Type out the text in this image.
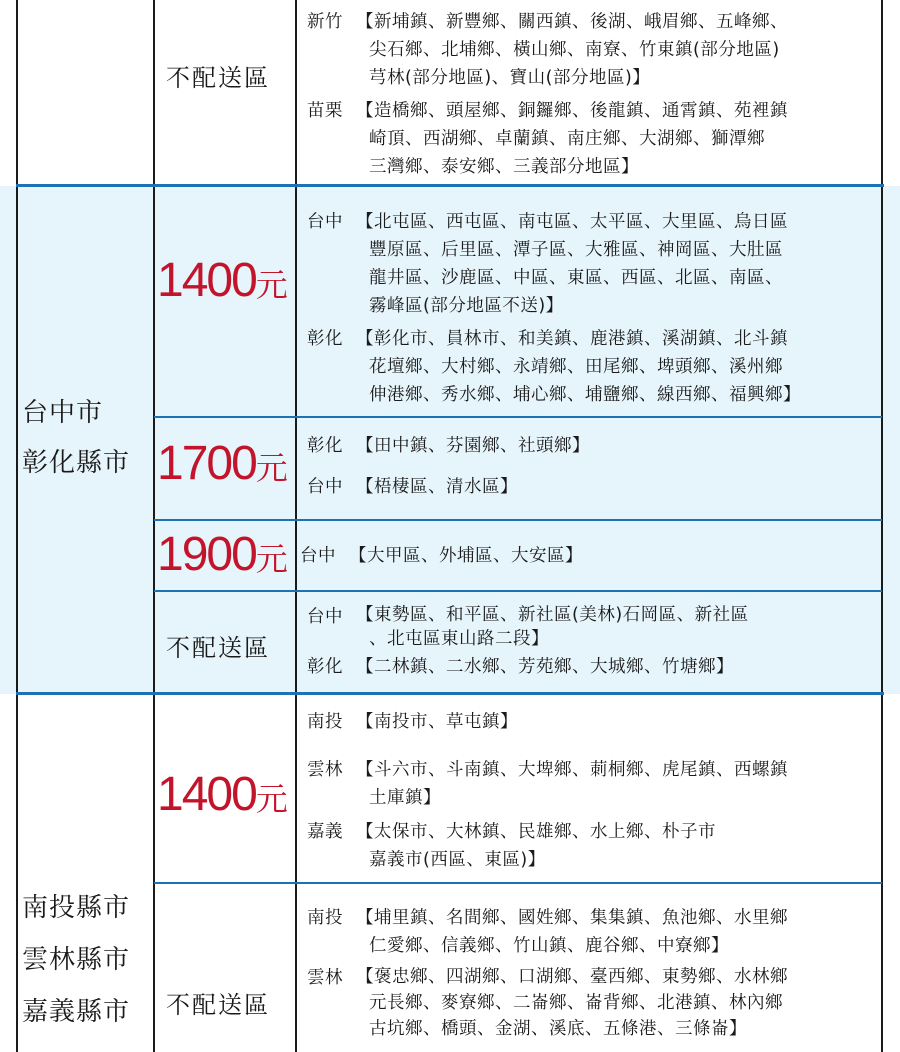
不配送區
新竹 【新埔鎮、新豐鄉、關西鎮、後湖、峨眉鄉、五峰鄉、
尖石鄉、北埔鄉、橫山鄉、南寮、竹東鎮(部分地區)
芎林(部分地區)、寶山(部分地區)】
苗栗 【造橋鄉、頭屋鄉、銅鑼鄉、後龍鎮、通霄鎮、苑裡鎮
崎頂、西湖鄉、卓蘭鎮、南庄鄉、大湖鄉、獅潭鄉
三灣鄉、泰安鄉、三義部分地區】
台中市
彰化縣市
1400元
台中 【北屯區、西屯區、南屯區、太平區、大里區、烏日區
豐原區、后里區、潭子區、大雅區、神岡區、大肚區
龍井區、沙鹿區、中區、東區、西區、北區、南區、
霧峰區(部分地區不送)】
彰化 【彰化市、員林市、和美鎮、鹿港鎮、溪湖鎮、北斗鎮
花壇鄉、大村鄉、永靖鄉、田尾鄉、埤頭鄉、溪州鄉
伸港鄉、秀水鄉、埔心鄉、埔鹽鄉、線西鄉、福興鄉】
1700元
彰化 【田中鎮、芬園鄉、社頭鄉】
台中 【梧棲區、清水區】
1900元 台中 【大甲區、外埔區、大安區】
不配送區
台中 【東勢區、和平區、新社區(美林)石岡區、新社區
、北屯區東山路二段】
彰化 【二林鎮、二水鄉、芳苑鄉、大城鄉、竹塘鄉】
南投縣市
雲林縣市
嘉義縣市
1400元
南投 【南投市、草屯鎮】
雲林 【斗六市、斗南鎮、大埤鄉、莿桐鄉、虎尾鎮、西螺鎮
土庫鎮】
嘉義 【太保市、大林鎮、民雄鄉、水上鄉、朴子市
嘉義市(西區、東區)】
不配送區
南投 【埔里鎮、名間鄉、國姓鄉、集集鎮、魚池鄉、水里鄉
仁愛鄉、信義鄉、竹山鎮、鹿谷鄉、中寮鄉】
雲林 【褒忠鄉、四湖鄉、口湖鄉、臺西鄉、東勢鄉、水林鄉
元長鄉、麥寮鄉、二崙鄉、崙背鄉、北港鎮、林內鄉
古坑鄉、橋頭、金湖、溪底、五條港、三條崙】
